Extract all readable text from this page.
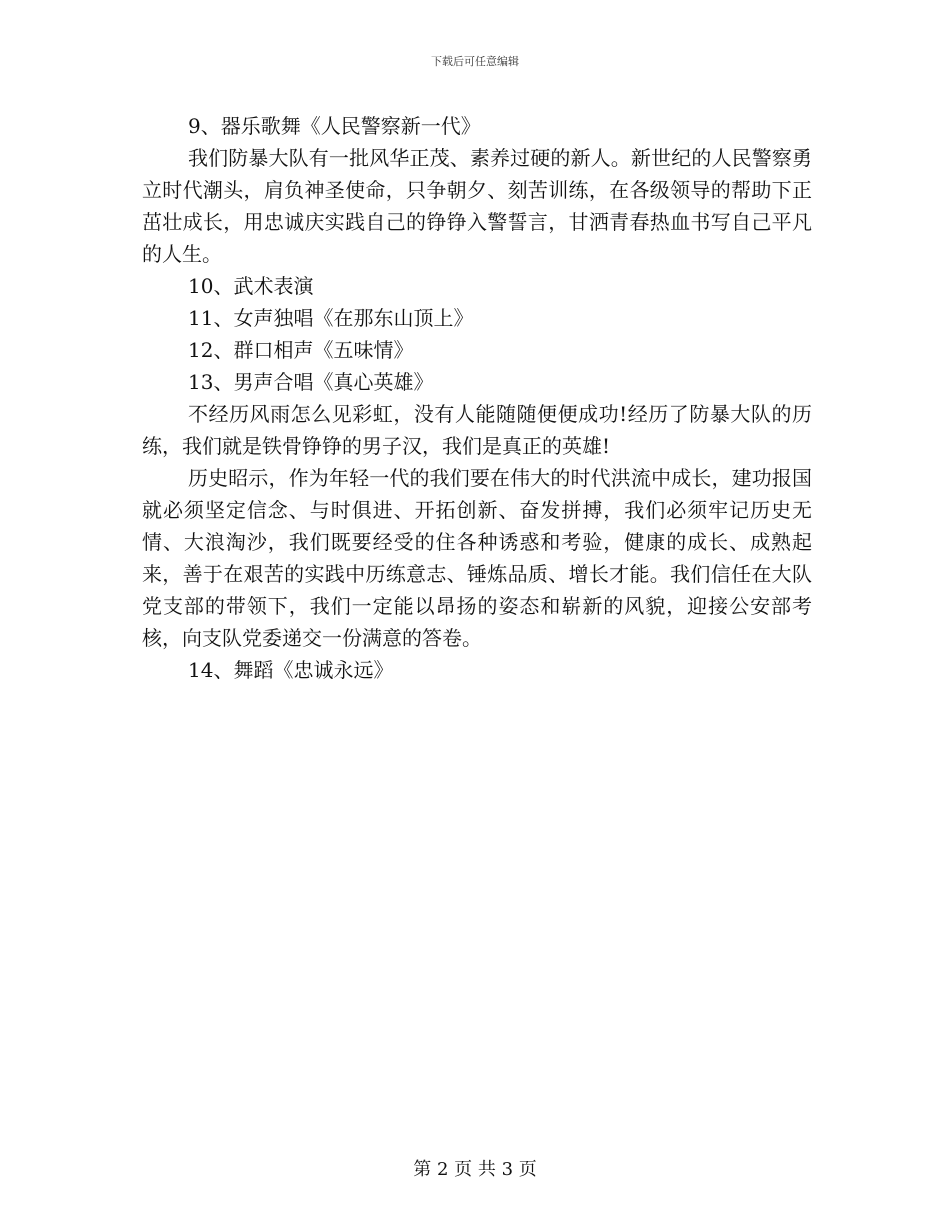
下载后可任意编辑
9、器乐歌舞《人民警察新一代》
我们防暴大队有一批风华正茂、素养过硬的新人。新世纪的人民警察勇立时代潮头，肩负神圣使命，只争朝夕、刻苦训练，在各级领导的帮助下正茁壮成长，用忠诚庆实践自己的铮铮入警誓言，甘洒青春热血书写自己平凡的人生。
10、武术表演
11、女声独唱《在那东山顶上》
12、群口相声《五味情》
13、男声合唱《真心英雄》
不经历风雨怎么见彩虹，没有人能随随便便成功!经历了防暴大队的历练，我们就是铁骨铮铮的男子汉，我们是真正的英雄!
历史昭示，作为年轻一代的我们要在伟大的时代洪流中成长，建功报国就必须坚定信念、与时俱进、开拓创新、奋发拼搏，我们必须牢记历史无情、大浪淘沙，我们既要经受的住各种诱惑和考验，健康的成长、成熟起来，善于在艰苦的实践中历练意志、锤炼品质、增长才能。我们信任在大队党支部的带领下，我们一定能以昂扬的姿态和崭新的风貌，迎接公安部考核，向支队党委递交一份满意的答卷。
14、舞蹈《忠诚永远》
第 2 页 共 3 页
